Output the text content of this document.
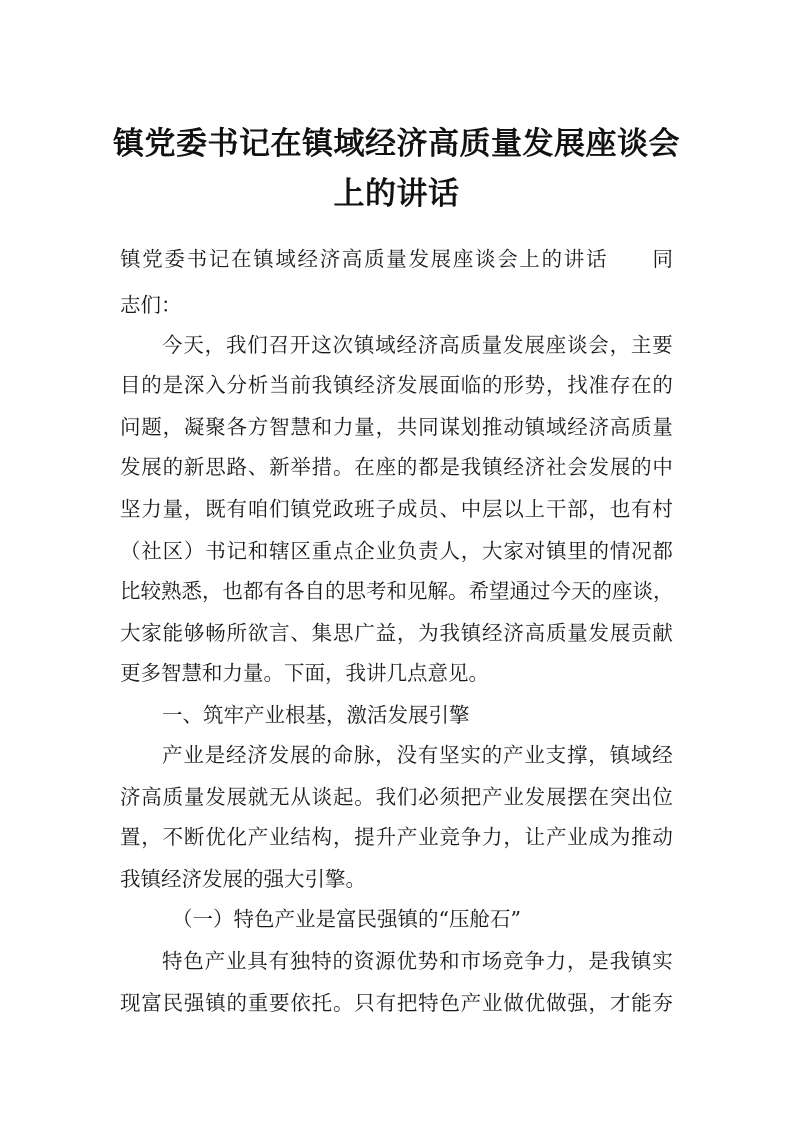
镇党委书记在镇域经济高质量发展座谈会
上的讲话
镇 党 委 书 记 在 镇 域 经 济 高 质 量 发 展 座 谈 会 上 的 讲 话

　 同
志们：
今 天 ， 我 们 召 开 这 次 镇 域 经 济 高 质 量 发 展 座 谈 会 ， 主 要
目 的 是 深 入 分 析 当 前 我 镇 经 济 发 展 面 临 的 形 势 ， 找 准 存 在 的
问 题 ， 凝 聚 各 方 智 慧 和 力 量 ， 共 同 谋 划 推 动 镇 域 经 济 高 质 量
发 展 的 新 思 路 、 新 举 措 。 在 座 的 都 是 我 镇 经 济 社 会 发 展 的 中
坚 力 量 ， 既 有 咱 们 镇 党 政 班 子 成 员 、 中 层 以 上 干 部 ， 也 有 村
（ 社 区 ） 书 记 和 辖 区 重 点 企 业 负 责 人 ， 大 家 对 镇 里 的 情 况 都
比 较 熟 悉 ， 也 都 有 各 自 的 思 考 和 见 解 。 希 望 通 过 今 天 的 座 谈 ，
大 家 能 够 畅 所 欲 言 、 集 思 广 益 ， 为 我 镇 经 济 高 质 量 发 展 贡 献
更多智慧和力量。下面，我讲几点意见。
一、筑牢产业根基，激活发展引擎
产 业 是 经 济 发 展 的 命 脉 ， 没 有 坚 实 的 产 业 支 撑 ， 镇 域 经
济 高 质 量 发 展 就 无 从 谈 起 。 我 们 必 须 把 产 业 发 展 摆 在 突 出 位
置 ， 不 断 优 化 产 业 结 构 ， 提 升 产 业 竞 争 力 ， 让 产 业 成 为 推 动
我镇经济发展的强大引擎。
（一）特色产业是富民强镇的“压舱石”
特 色 产 业 具 有 独 特 的 资 源 优 势 和 市 场 竞 争 力 ， 是 我 镇 实
现 富 民 强 镇 的 重 要 依 托 。 只 有 把 特 色 产 业 做 优 做 强 ， 才 能 夯
